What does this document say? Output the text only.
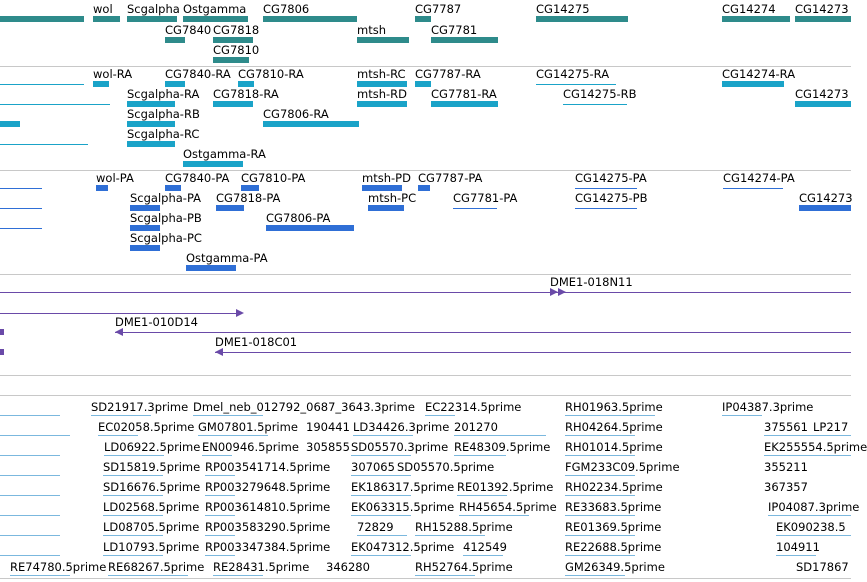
wol Scgalpha Ostgamma CG7806	CG7787	CG14275	CG14274 CG14273
CG7840 CG7818	mtsh	CG7781
CG7810
wol-RA	CG7840-RA CG7810-RA	mtsh-RC CG7787-RA	CG14275-RA	CG14274-RA
Scgalpha-RA CG7818-RA	mtsh-RD CG7781-RA	CG14275-RB	CG14273
Scgalpha-RB	CG7806-RA
Scgalpha-RC
Ostgamma-RA
wol-PA	CG7840-PA CG7810-PA	mtsh-PD CG7787-PA	CG14275-PA	CG14274-PA
Scgalpha-PA CG7818-PA	mtsh-PC	CG7781-PA	CG14275-PB	CG14273
Scgalpha-PB	CG7806-PA
Scgalpha-PC
Ostgamma-PA
DME1-018N11
DME1-010D14
DME1-018C01
SD21917.3prime Dmel_neb_012792_0687_3643.3prime EC22314.5prime	RH01963.5prime	IP04387.3prime
EC02058.5prime GM07801.5prime 190441 LD34426.3prime 201270	RH04264.5prime	375561 LP217
LD06922.5prime EN00946.5prime 305855 SD05570.3prime RE48309.5prime RH01014.5prime	EK255554.5prime
SD15819.5prime RP003541714.5prime 307065 SD05570.5prime	FGM233C09.5prime	355211
SD16676.5prime RP003279648.5prime EK186317.5prime RE01392.5prime RH02234.5prime	367357
LD02568.5prime RP003614810.5prime EK063315.5prime RH45654.5prime RE33683.5prime	IP04087.3prime
LD08705.5prime RP003583290.5prime 72829 RH15288.5prime	RE01369.5prime	EK090238.5
LD10793.5prime RP003347384.5prime EK047312.5prime 412549	RE22688.5prime	104911
RE74780.5prime RE68267.5prime RE28431.5prime 346280	RH52764.5prime	GM26349.5prime	SD17867
